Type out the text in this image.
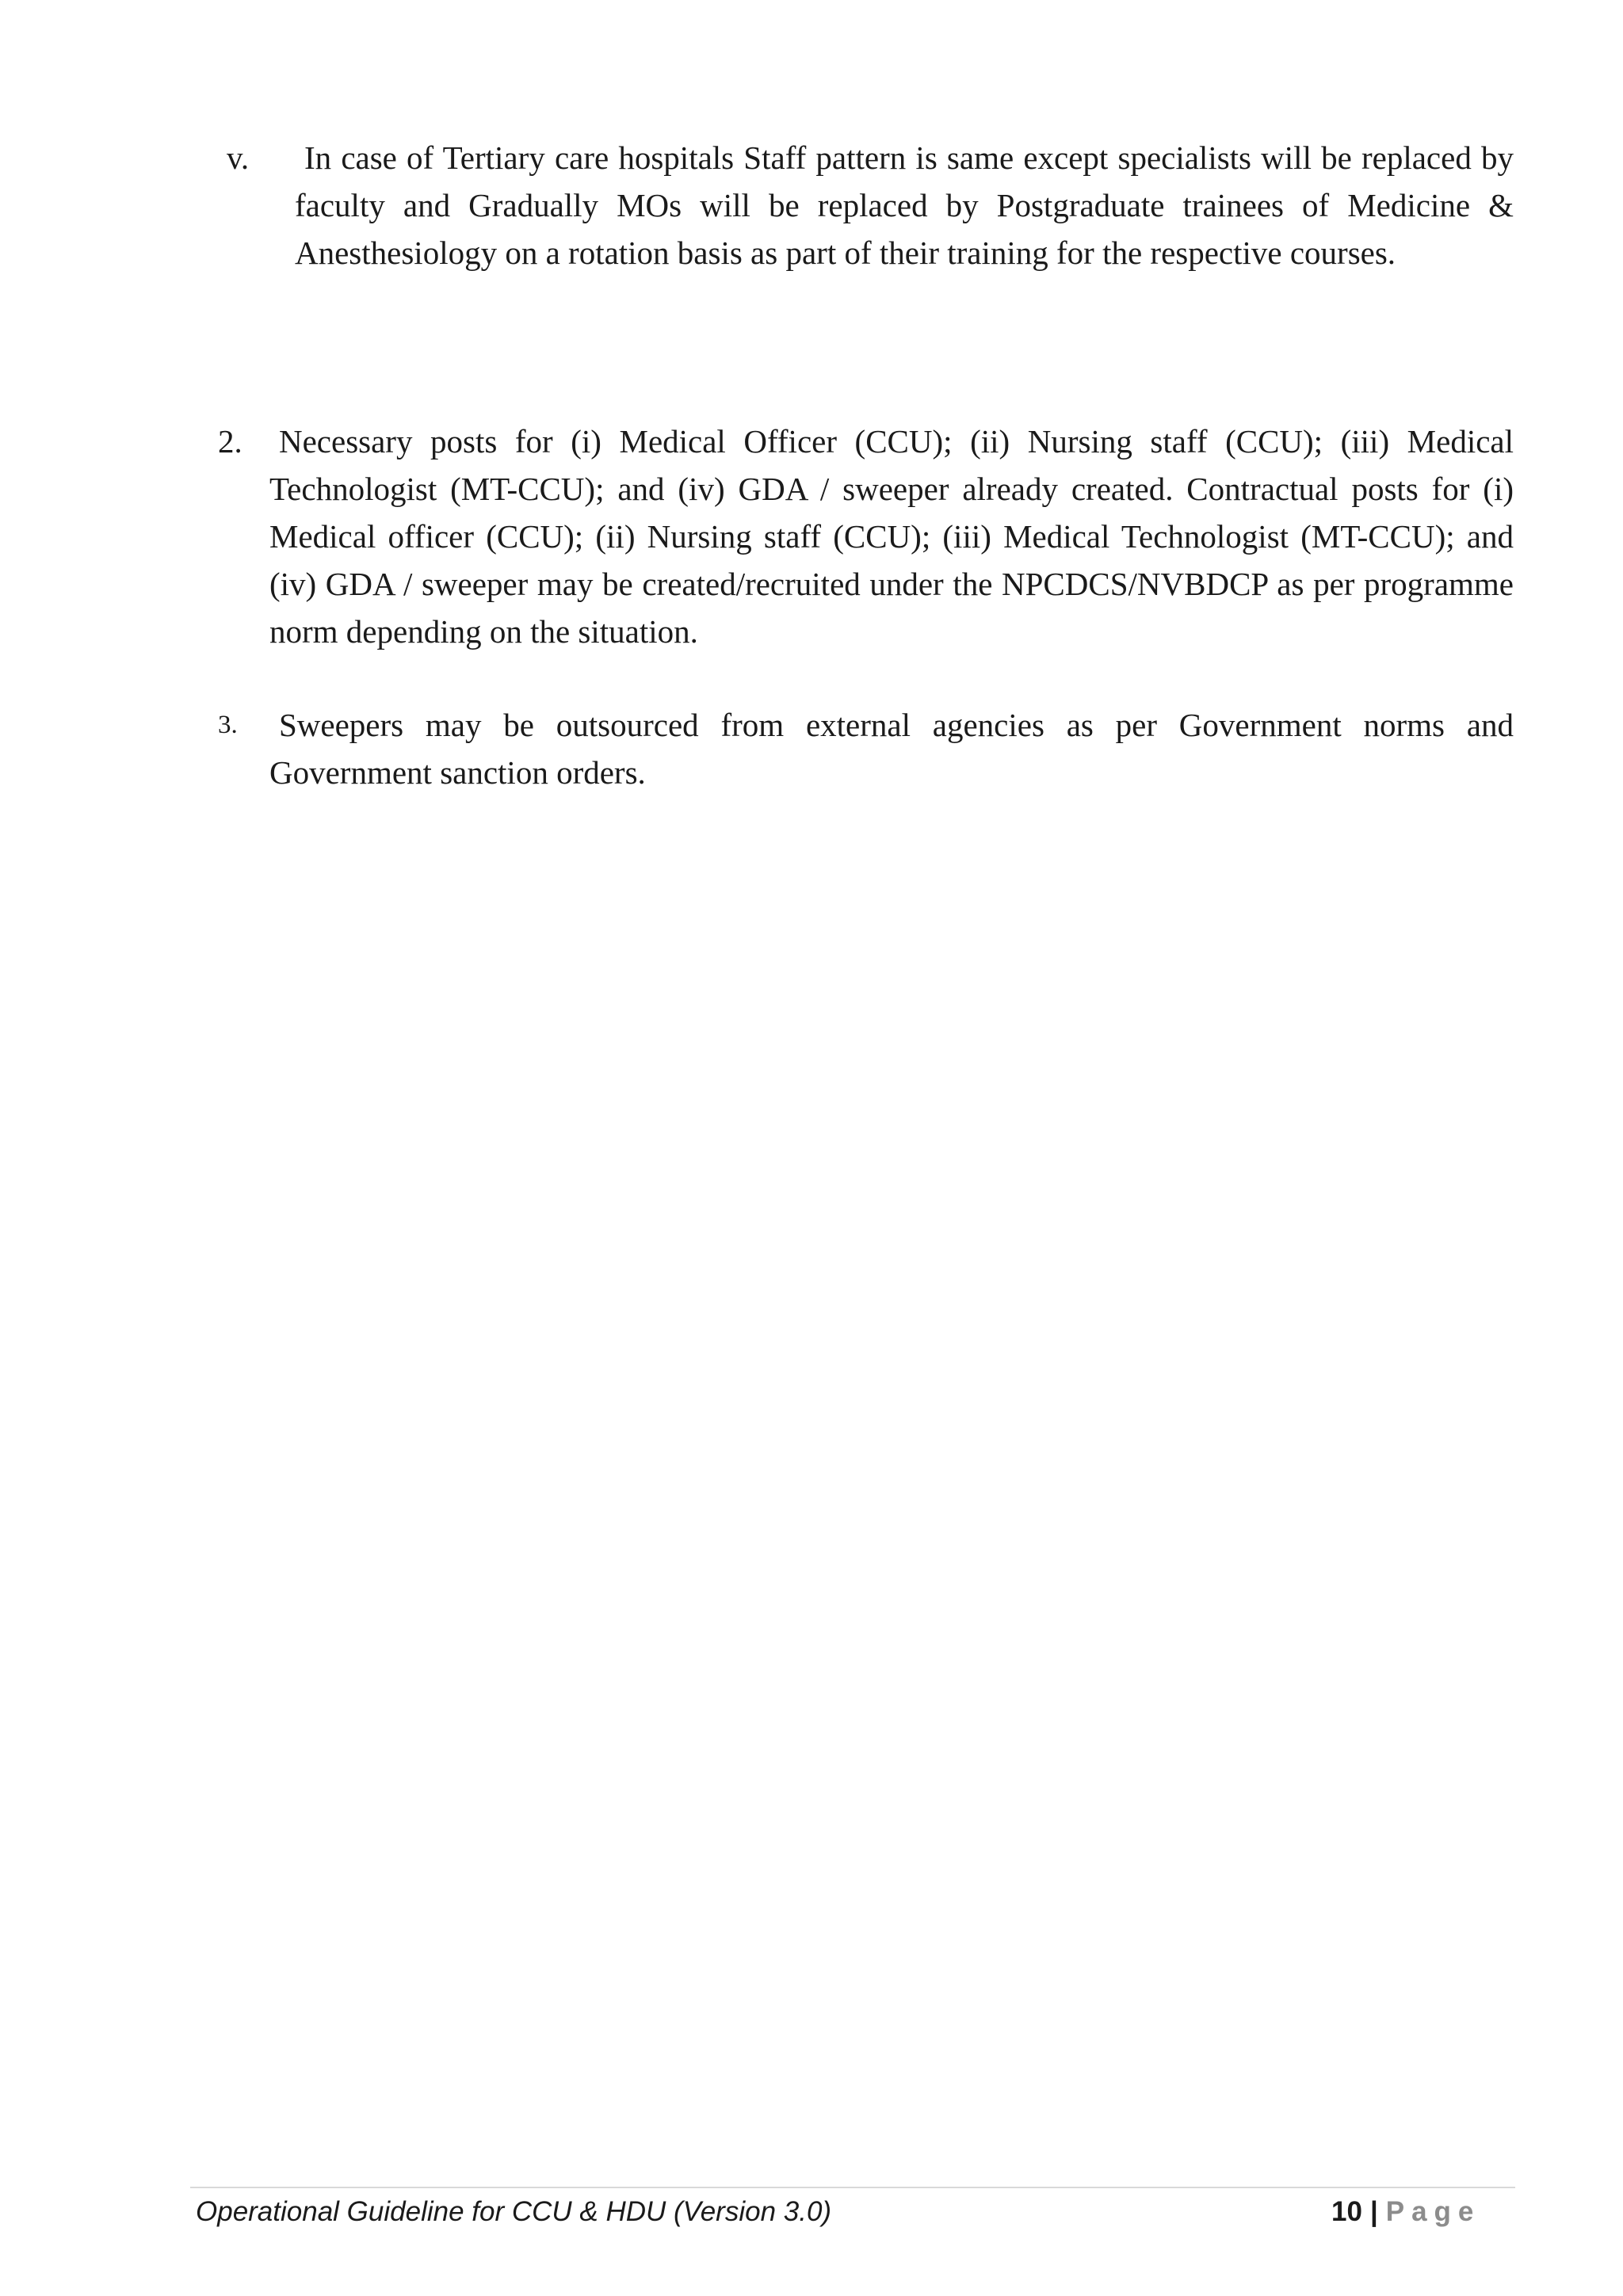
v. In case of Tertiary care hospitals Staff pattern is same except specialists will be replaced by faculty and Gradually MOs will be replaced by Postgraduate trainees of Medicine & Anesthesiology on a rotation basis as part of their training for the respective courses.
2. Necessary posts for (i) Medical Officer (CCU); (ii) Nursing staff (CCU); (iii) Medical Technologist (MT-CCU); and (iv) GDA / sweeper already created. Contractual posts for (i) Medical officer (CCU); (ii) Nursing staff (CCU); (iii) Medical Technologist (MT-CCU); and (iv) GDA / sweeper may be created/recruited under the NPCDCS/NVBDCP as per programme norm depending on the situation.
3. Sweepers may be outsourced from external agencies as per Government norms and Government sanction orders.
Operational Guideline for CCU & HDU (Version 3.0)	10 | Page
